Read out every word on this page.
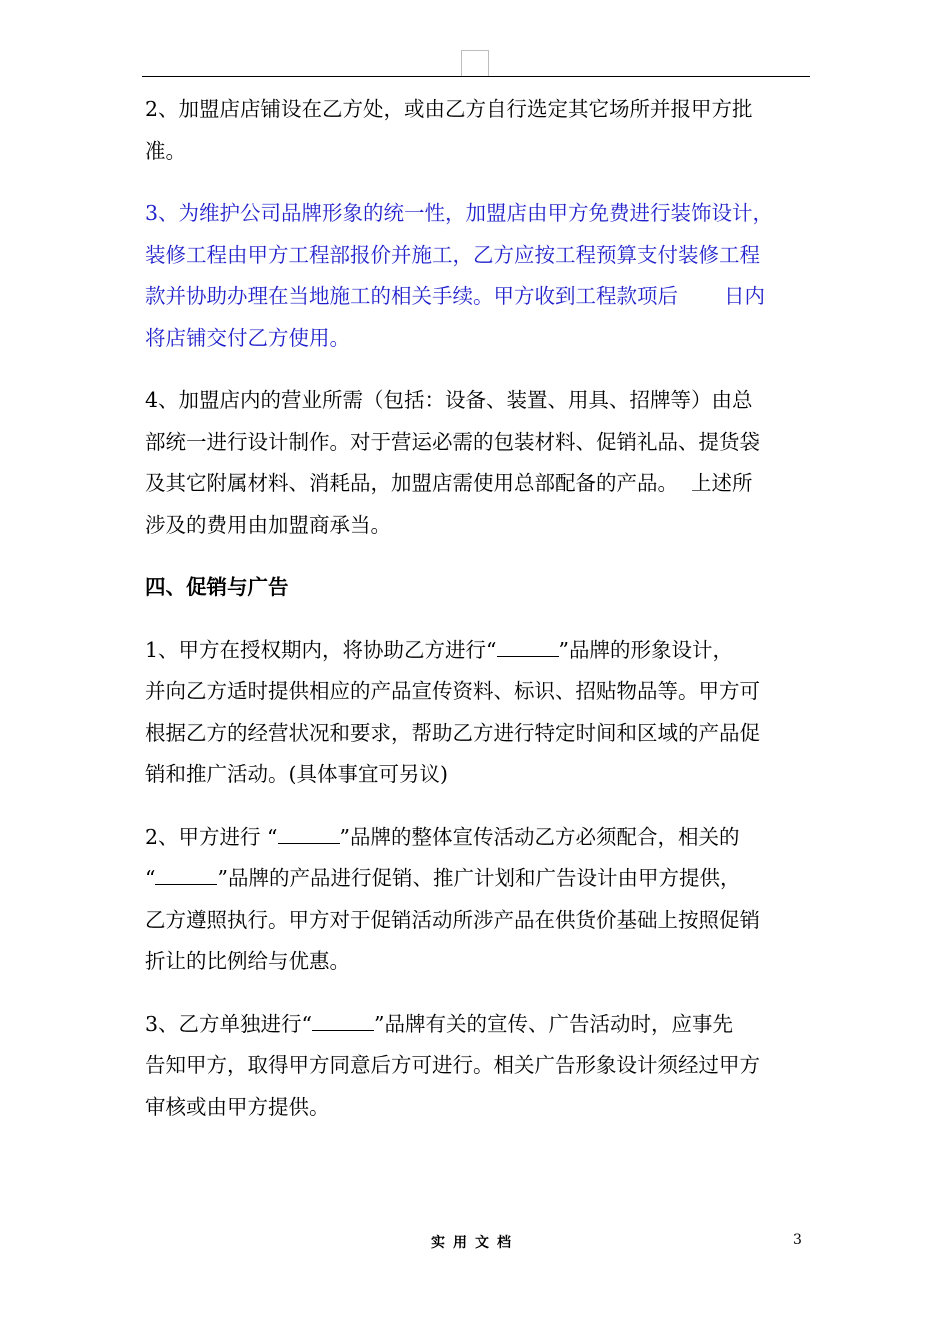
2、加盟店店铺设在乙方处，或由乙方自行选定其它场所并报甲方批
准。

3、为维护公司品牌形象的统一性，加盟店由甲方免费进行装饰设计，
装修工程由甲方工程部报价并施工，乙方应按工程预算支付装修工程
款并协助办理在当地施工的相关手续。甲方收到工程款项后 日内
将店铺交付乙方使用。

4、加盟店内的营业所需（包括：设备、装置、用具、招牌等）由总
部统一进行设计制作。对于营运必需的包装材料、促销礼品、提货袋
及其它附属材料、消耗品，加盟店需使用总部配备的产品。  上述所
涉及的费用由加盟商承当。

四、促销与广告

1、甲方在授权期内，将协助乙方进行“	”品牌的形象设计，
并向乙方适时提供相应的产品宣传资料、标识、招贴物品等。甲方可
根据乙方的经营状况和要求，帮助乙方进行特定时间和区域的产品促
销和推广活动。(具体事宜可另议)

2、甲方进行 “	”品牌的整体宣传活动乙方必须配合，相关的
“	”品牌的产品进行促销、推广计划和广告设计由甲方提供，
乙方遵照执行。甲方对于促销活动所涉产品在供货价基础上按照促销
折让的比例给与优惠。

3、乙方单独进行“	”品牌有关的宣传、广告活动时，应事先
告知甲方，取得甲方同意后方可进行。相关广告形象设计须经过甲方
审核或由甲方提供。

实用文档	3
